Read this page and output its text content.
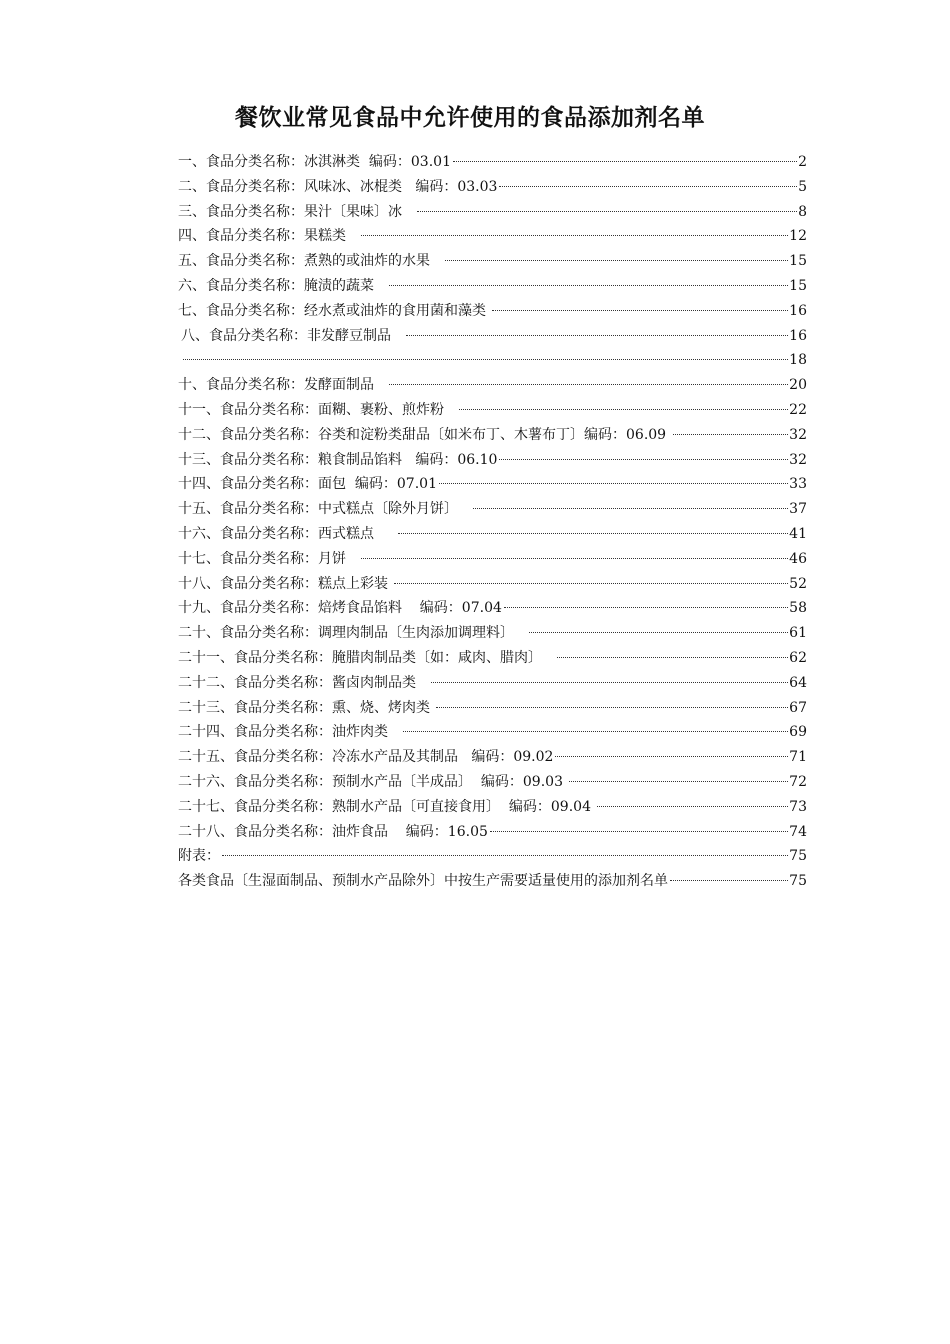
餐饮业常见食品中允许使用的食品添加剂名单
一、食品分类名称：冰淇淋类  编码：03.01	2
二、食品分类名称：风味冰、冰棍类   编码：03.03	5
三、食品分类名称：果汁〔果味〕冰	8
四、食品分类名称：果糕类	12
五、食品分类名称：煮熟的或油炸的水果	15
六、食品分类名称：腌渍的蔬菜	15
七、食品分类名称：经水煮或油炸的食用菌和藻类	16
八、食品分类名称：非发酵豆制品	16
18
十、食品分类名称：发酵面制品	20
十一、食品分类名称：面糊、裹粉、煎炸粉	22
十二、食品分类名称：谷类和淀粉类甜品〔如米布丁、木薯布丁〕编码：06.09	32
十三、食品分类名称：粮食制品馅料   编码：06.10	32
十四、食品分类名称：面包  编码：07.01	33
十五、食品分类名称：中式糕点〔除外月饼〕	37
十六、食品分类名称：西式糕点	41
十七、食品分类名称：月饼	46
十八、食品分类名称：糕点上彩装	52
十九、食品分类名称：焙烤食品馅料    编码：07.04	58
二十、食品分类名称：调理肉制品〔生肉添加调理料〕	61
二十一、食品分类名称：腌腊肉制品类〔如：咸肉、腊肉〕	62
二十二、食品分类名称：酱卤肉制品类	64
二十三、食品分类名称：熏、烧、烤肉类	67
二十四、食品分类名称：油炸肉类	69
二十五、食品分类名称：冷冻水产品及其制品   编码：09.02	71
二十六、食品分类名称：预制水产品〔半成品〕  编码：09.03	72
二十七、食品分类名称：熟制水产品〔可直接食用〕  编码：09.04	73
二十八、食品分类名称：油炸食品    编码：16.05	74
附表：	75
各类食品〔生湿面制品、预制水产品除外〕中按生产需要适量使用的添加剂名单	75
